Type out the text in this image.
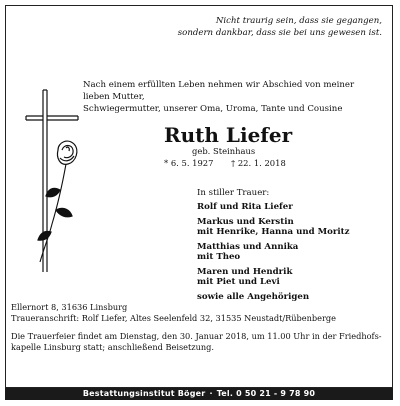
Nicht traurig sein, dass sie gegangen,
sondern dankbar, dass sie bei uns gewesen ist.
Nach einem erfüllten Leben nehmen wir Abschied von meiner lieben Mutter,
Schwiegermutter, unserer Oma, Uroma, Tante und Cousine
Ruth Liefer
geb. Steinhaus
* 6. 5. 1927 † 22. 1. 2018
In stiller Trauer:
Rolf und Rita Liefer
Markus und Kerstin
mit Henrike, Hanna und Moritz
Matthias und Annika
mit Theo
Maren und Hendrik
mit Piet und Levi
sowie alle Angehörigen
Ellernort 8, 31636 Linsburg
Traueranschrift: Rolf Liefer, Altes Seelenfeld 32, 31535 Neustadt/Rübenberge
Die Trauerfeier findet am Dienstag, den 30. Januar 2018, um 11.00 Uhr in der Friedhofs-
kapelle Linsburg statt; anschließend Beisetzung.
Bestattungsinstitut Böger · Tel. 0 50 21 - 9 78 90
